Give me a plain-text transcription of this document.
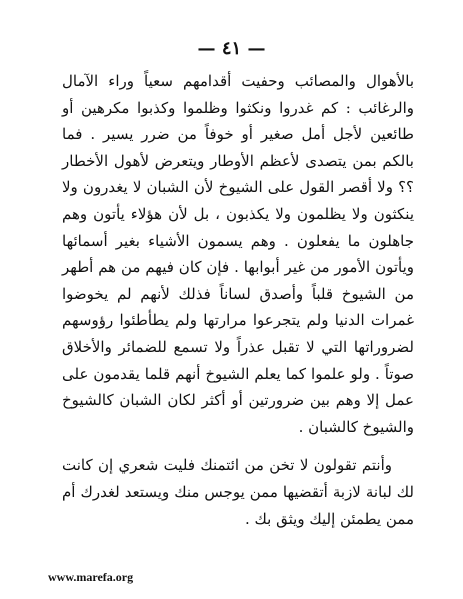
— ٤١ —

بالأهوال والمصائب وحفيت أقدامهم سعياً وراء الآمال والرغائب : كم غدروا ونكثوا وظلموا وكذبوا مكرهين أو طائعين لأجل أمل صغير أو خوفاً من ضرر يسير . فما بالكم بمن يتصدى لأعظم الأوطار ويتعرض لأهول الأخطار ؟؟ ولا أقصر القول على الشيوخ لأن الشبان لا يغدرون ولا ينكثون ولا يظلمون ولا يكذبون ، بل لأن هؤلاء يأتون وهم جاهلون ما يفعلون . وهم يسمون الأشياء بغير أسمائها ويأتون الأمور من غير أبوابها . فإن كان فيهم من هم أطهر من الشيوخ قلباً وأصدق لساناً فذلك لأنهم لم يخوضوا غمرات الدنيا ولم يتجرعوا مرارتها ولم يطأطئوا رؤوسهم لضروراتها التي لا تقبل عذراً ولا تسمع للضمائر والأخلاق صوتاً . ولو علموا كما يعلم الشيوخ أنهم قلما يقدمون على عمل إلا وهم بين ضرورتين أو أكثر لكان الشبان كالشيوخ والشيوخ كالشبان .

وأنتم تقولون لا تخن من ائتمنك فليت شعري إن كانت لك لبانة لازبة أتقضيها ممن يوجس منك ويستعد لغدرك أم ممن يطمئن إليك ويثق بك .

www.marefa.org
